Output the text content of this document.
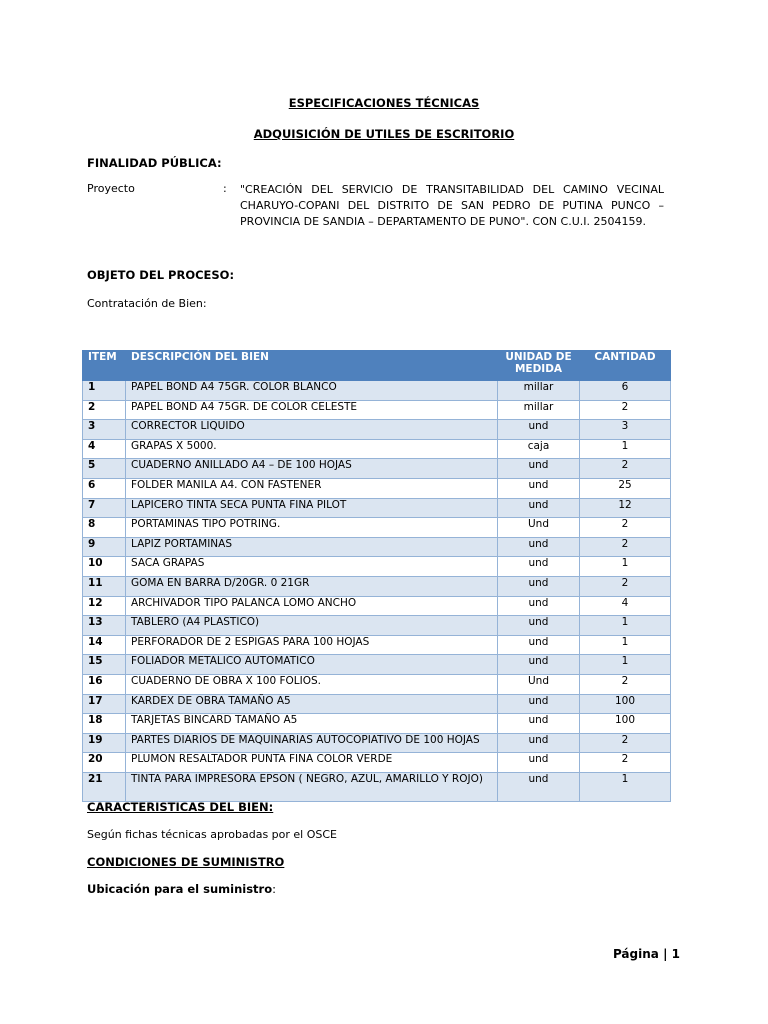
ESPECIFICACIONES TÉCNICAS
ADQUISICIÓN DE UTILES DE ESCRITORIO
FINALIDAD PÚBLICA:
Proyecto	: "CREACIÓN DEL SERVICIO DE TRANSITABILIDAD DEL CAMINO VECINAL CHARUYO-COPANI DEL DISTRITO DE SAN PEDRO DE PUTINA PUNCO – PROVINCIA DE SANDIA – DEPARTAMENTO DE PUNO". CON C.U.I. 2504159.
OBJETO DEL PROCESO:
Contratación de Bien:
ITEM	DESCRIPCIÓN DEL BIEN	UNIDAD DE MEDIDA	CANTIDAD
1	PAPEL BOND A4 75GR. COLOR BLANCO	millar	6
2	PAPEL BOND A4 75GR. DE COLOR CELESTE	millar	2
3	CORRECTOR LIQUIDO	und	3
4	GRAPAS X 5000.	caja	1
5	CUADERNO ANILLADO A4 – DE 100 HOJAS	und	2
6	FOLDER MANILA A4. CON FASTENER	und	25
7	LAPICERO TINTA SECA PUNTA FINA PILOT	und	12
8	PORTAMINAS TIPO POTRING.	Und	2
9	LAPIZ PORTAMINAS	und	2
10	SACA GRAPAS	und	1
11	GOMA EN BARRA D/20GR. 0 21GR	und	2
12	ARCHIVADOR TIPO PALANCA LOMO ANCHO	und	4
13	TABLERO (A4 PLASTICO)	und	1
14	PERFORADOR DE 2 ESPIGAS PARA 100 HOJAS	und	1
15	FOLIADOR METALICO AUTOMATICO	und	1
16	CUADERNO DE OBRA X 100 FOLIOS.	Und	2
17	KARDEX DE OBRA TAMAÑO A5	und	100
18	TARJETAS BINCARD TAMAÑO A5	und	100
19	PARTES DIARIOS DE MAQUINARIAS AUTOCOPIATIVO DE 100 HOJAS	und	2
20	PLUMON RESALTADOR PUNTA FINA COLOR VERDE	und	2
21	TINTA PARA IMPRESORA EPSON ( NEGRO, AZUL, AMARILLO Y ROJO)	und	1
CARACTERISTICAS DEL BIEN:
Según fichas técnicas aprobadas por el OSCE
CONDICIONES DE SUMINISTRO
Ubicación para el suministro:
Página | 1
